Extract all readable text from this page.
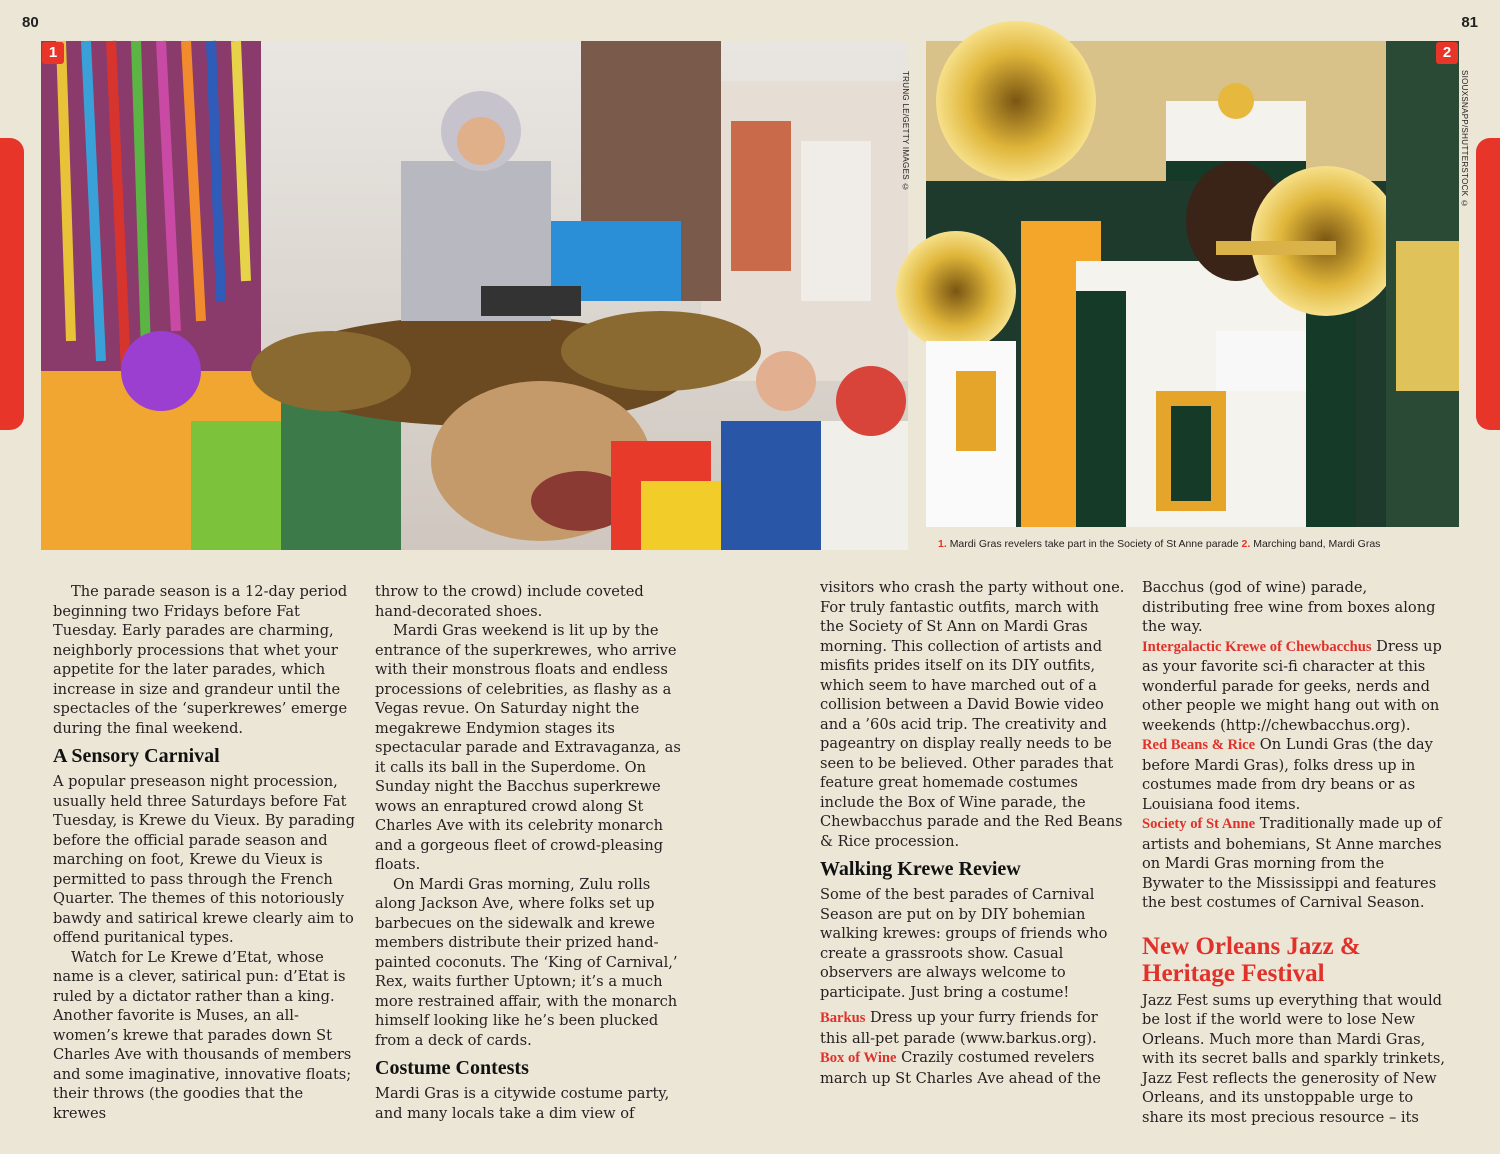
80	81
1
TRUNG LE/GETTY IMAGES ©
2
SIOUXSNAPP/SHUTTERSTOCK ©
1. Mardi Gras revelers take part in the Society of St Anne parade 2. Marching band, Mardi Gras

The parade season is a 12-day period beginning two Fridays before Fat Tuesday. Early parades are charming, neighborly processions that whet your appetite for the later parades, which increase in size and grandeur until the spectacles of the ‘superkrewes’ emerge during the final weekend.

A Sensory Carnival

A popular preseason night procession, usually held three Saturdays before Fat Tuesday, is Krewe du Vieux. By parading before the official parade season and marching on foot, Krewe du Vieux is permitted to pass through the French Quarter. The themes of this notoriously bawdy and satirical krewe clearly aim to offend puritanical types.

Watch for Le Krewe d’Etat, whose name is a clever, satirical pun: d’Etat is ruled by a dictator rather than a king. Another favorite is Muses, an all-women’s krewe that parades down St Charles Ave with thousands of members and some imaginative, innovative floats; their throws (the goodies that the krewes

throw to the crowd) include coveted hand-decorated shoes.

Mardi Gras weekend is lit up by the entrance of the superkrewes, who arrive with their monstrous floats and endless processions of celebrities, as flashy as a Vegas revue. On Saturday night the megakrewe Endymion stages its spectacular parade and Extravaganza, as it calls its ball in the Superdome. On Sunday night the Bacchus superkrewe wows an enraptured crowd along St Charles Ave with its celebrity monarch and a gorgeous fleet of crowd-pleasing floats.

On Mardi Gras morning, Zulu rolls along Jackson Ave, where folks set up barbecues on the sidewalk and krewe members distribute their prized hand-painted coconuts. The ‘King of Carnival,’ Rex, waits further Uptown; it’s a much more restrained affair, with the monarch himself looking like he’s been plucked from a deck of cards.

Costume Contests

Mardi Gras is a citywide costume party, and many locals take a dim view of

visitors who crash the party without one. For truly fantastic outfits, march with the Society of St Ann on Mardi Gras morning. This collection of artists and misfits prides itself on its DIY outfits, which seem to have marched out of a collision between a David Bowie video and a ’60s acid trip. The creativity and pageantry on display really needs to be seen to be believed. Other parades that feature great homemade costumes include the Box of Wine parade, the Chewbacchus parade and the Red Beans & Rice procession.

Walking Krewe Review

Some of the best parades of Carnival Season are put on by DIY bohemian walking krewes: groups of friends who create a grassroots show. Casual observers are always welcome to participate. Just bring a costume!

Barkus Dress up your furry friends for this all-pet parade (www.barkus.org).

Box of Wine Crazily costumed revelers march up St Charles Ave ahead of the

Bacchus (god of wine) parade, distributing free wine from boxes along the way.

Intergalactic Krewe of Chewbacchus Dress up as your favorite sci-fi character at this wonderful parade for geeks, nerds and other people we might hang out with on weekends (http://chewbacchus.org).

Red Beans & Rice On Lundi Gras (the day before Mardi Gras), folks dress up in costumes made from dry beans or as Louisiana food items.

Society of St Anne Traditionally made up of artists and bohemians, St Anne marches on Mardi Gras morning from the Bywater to the Mississippi and features the best costumes of Carnival Season.

New Orleans Jazz & Heritage Festival

Jazz Fest sums up everything that would be lost if the world were to lose New Orleans. Much more than Mardi Gras, with its secret balls and sparkly trinkets, Jazz Fest reflects the generosity of New Orleans, and its unstoppable urge to share its most precious resource – its
